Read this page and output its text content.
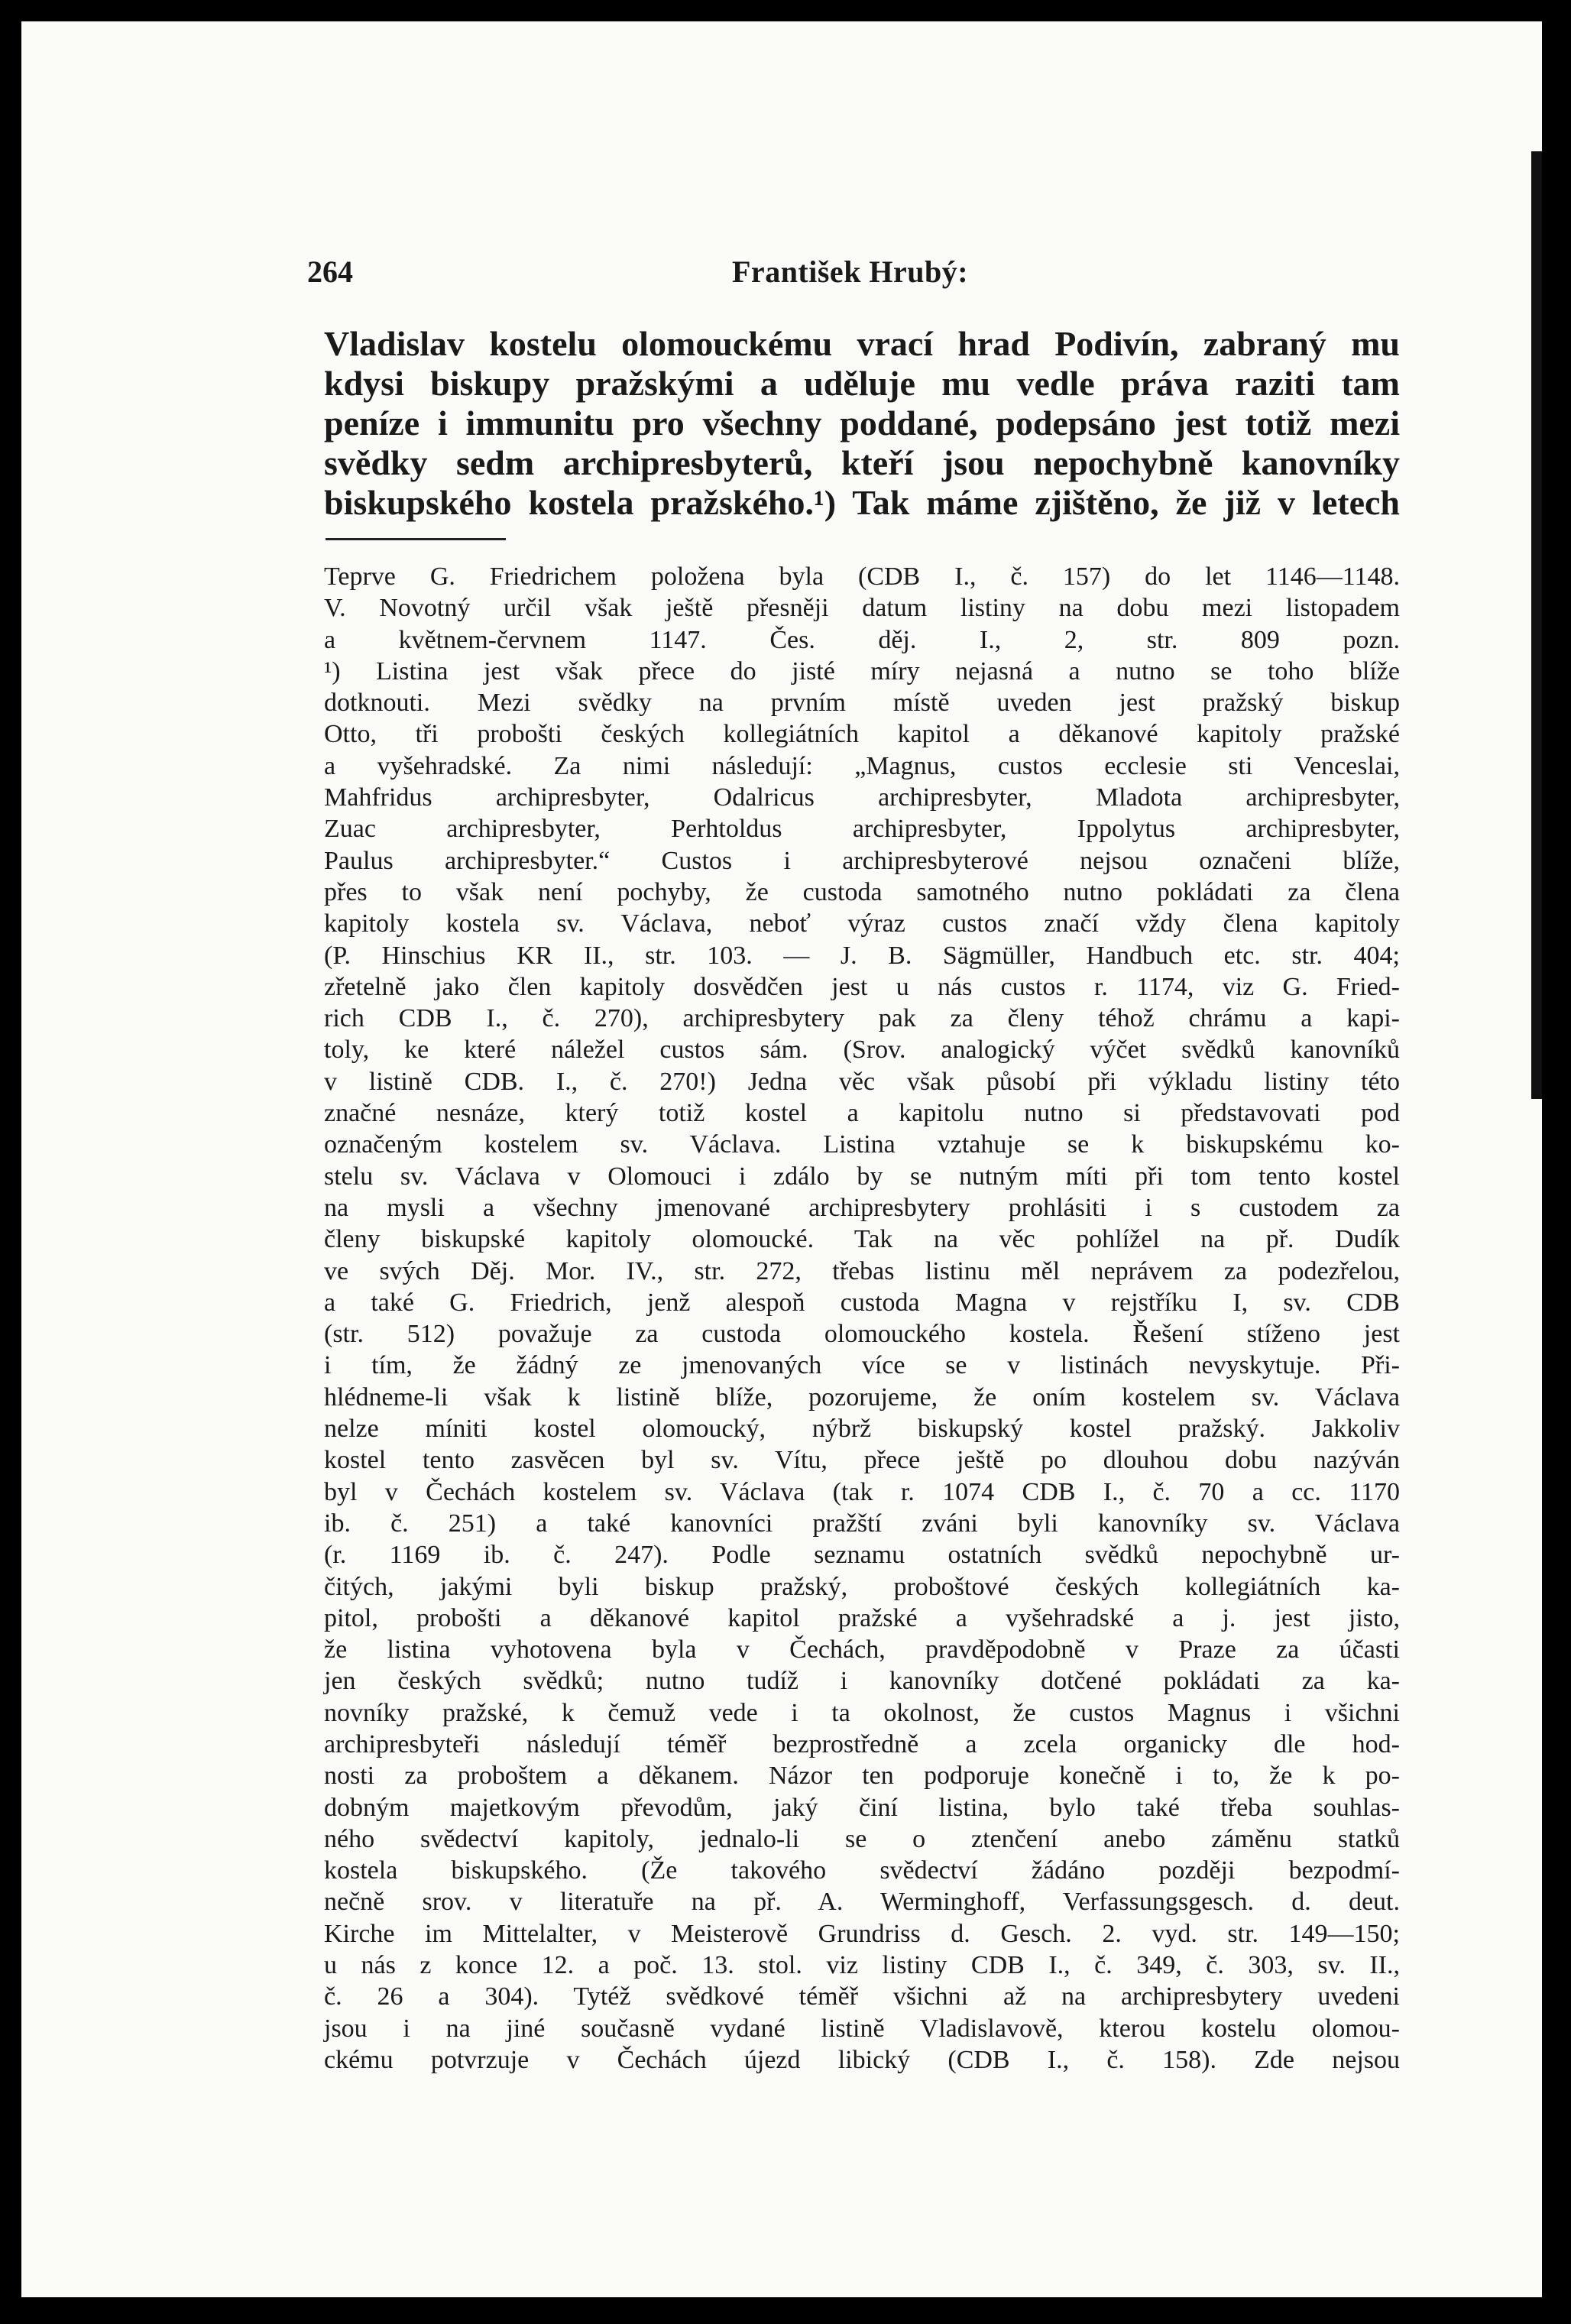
264	František Hrubý:
Vladislav kostelu olomouckému vrací hrad Podivín, zabraný mu
kdysi biskupy pražskými a uděluje mu vedle práva raziti tam
peníze i immunitu pro všechny poddané, podepsáno jest totiž mezi
svědky sedm archipresbyterů, kteří jsou nepochybně kanovníky
biskupského kostela pražského.¹) Tak máme zjištěno, že již v letech
Teprve G. Friedrichem položena byla (CDB I., č. 157) do let 1146—1148.
V. Novotný určil však ještě přesněji datum listiny na dobu mezi listopadem
a květnem-červnem 1147. Čes. děj. I., 2, str. 809 pozn.
¹) Listina jest však přece do jisté míry nejasná a nutno se toho blíže
dotknouti. Mezi svědky na prvním místě uveden jest pražský biskup
Otto, tři probošti českých kollegiátních kapitol a děkanové kapitoly pražské
a vyšehradské. Za nimi následují: „Magnus, custos ecclesie sti Venceslai,
Mahfridus archipresbyter, Odalricus archipresbyter, Mladota archipresbyter,
Zuac archipresbyter, Perhtoldus archipresbyter, Ippolytus archipresbyter,
Paulus archipresbyter.“ Custos i archipresbyterové nejsou označeni blíže,
přes to však není pochyby, že custoda samotného nutno pokládati za člena
kapitoly kostela sv. Václava, neboť výraz custos značí vždy člena kapitoly
(P. Hinschius KR II., str. 103. — J. B. Sägmüller, Handbuch etc. str. 404;
zřetelně jako člen kapitoly dosvědčen jest u nás custos r. 1174, viz G. Fried-
rich CDB I., č. 270), archipresbytery pak za členy téhož chrámu a kapi-
toly, ke které náležel custos sám. (Srov. analogický výčet svědků kanovníků
v listině CDB. I., č. 270!) Jedna věc však působí při výkladu listiny této
značné nesnáze, který totiž kostel a kapitolu nutno si představovati pod
označeným kostelem sv. Václava. Listina vztahuje se k biskupskému ko-
stelu sv. Václava v Olomouci i zdálo by se nutným míti při tom tento kostel
na mysli a všechny jmenované archipresbytery prohlásiti i s custodem za
členy biskupské kapitoly olomoucké. Tak na věc pohlížel na př. Dudík
ve svých Děj. Mor. IV., str. 272, třebas listinu měl neprávem za podezřelou,
a také G. Friedrich, jenž alespoň custoda Magna v rejstříku I, sv. CDB
(str. 512) považuje za custoda olomouckého kostela. Řešení stíženo jest
i tím, že žádný ze jmenovaných více se v listinách nevyskytuje. Při-
hlédneme-li však k listině blíže, pozorujeme, že oním kostelem sv. Václava
nelze míniti kostel olomoucký, nýbrž biskupský kostel pražský. Jakkoliv
kostel tento zasvěcen byl sv. Vítu, přece ještě po dlouhou dobu nazýván
byl v Čechách kostelem sv. Václava (tak r. 1074 CDB I., č. 70 a cc. 1170
ib. č. 251) a také kanovníci pražští zváni byli kanovníky sv. Václava
(r. 1169 ib. č. 247). Podle seznamu ostatních svědků nepochybně ur-
čitých, jakými byli biskup pražský, proboštové českých kollegiátních ka-
pitol, probošti a děkanové kapitol pražské a vyšehradské a j. jest jisto,
že listina vyhotovena byla v Čechách, pravděpodobně v Praze za účasti
jen českých svědků; nutno tudíž i kanovníky dotčené pokládati za ka-
novníky pražské, k čemuž vede i ta okolnost, že custos Magnus i všichni
archipresbyteři následují téměř bezprostředně a zcela organicky dle hod-
nosti za proboštem a děkanem. Názor ten podporuje konečně i to, že k po-
dobným majetkovým převodům, jaký činí listina, bylo také třeba souhlas-
ného svědectví kapitoly, jednalo-li se o ztenčení anebo záměnu statků
kostela biskupského. (Že takového svědectví žádáno později bezpodmí-
nečně srov. v literatuře na př. A. Werminghoff, Verfassungsgesch. d. deut.
Kirche im Mittelalter, v Meisterově Grundriss d. Gesch. 2. vyd. str. 149—150;
u nás z konce 12. a poč. 13. stol. viz listiny CDB I., č. 349, č. 303, sv. II.,
č. 26 a 304). Tytéž svědkové téměř všichni až na archipresbytery uvedeni
jsou i na jiné současně vydané listině Vladislavově, kterou kostelu olomou-
ckému potvrzuje v Čechách újezd libický (CDB I., č. 158). Zde nejsou
